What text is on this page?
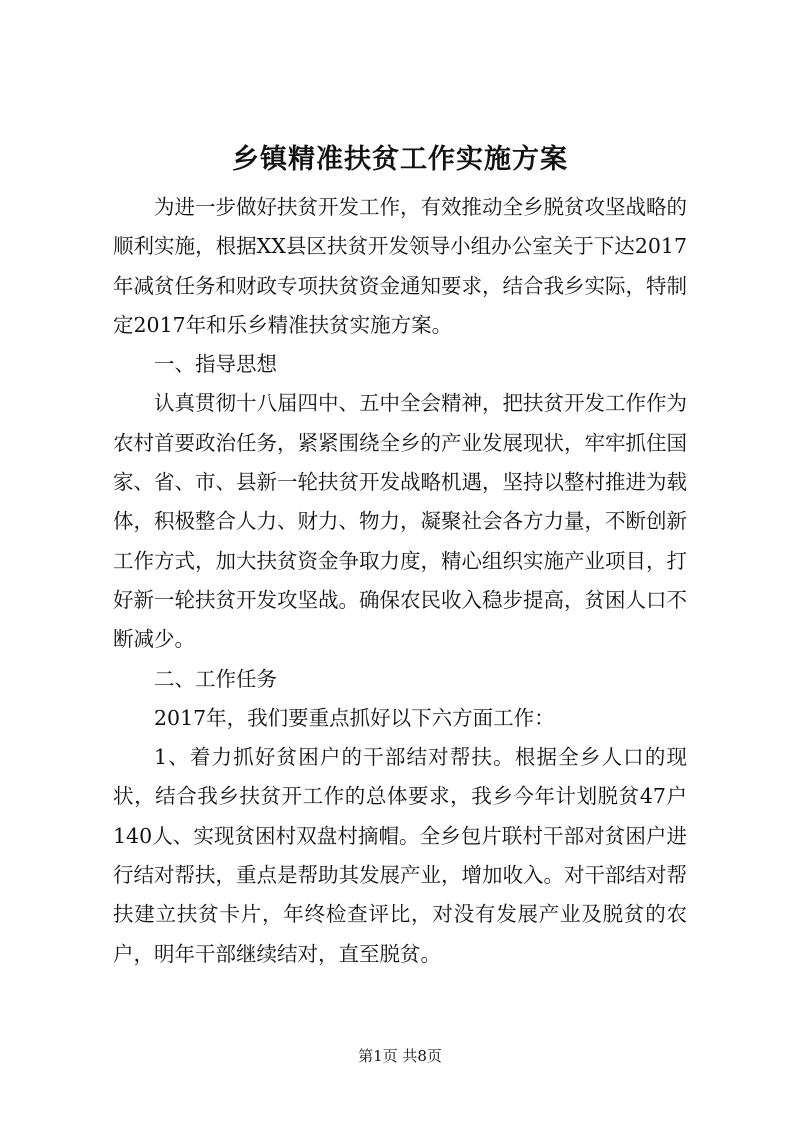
乡镇精准扶贫工作实施方案

为进一步做好扶贫开发工作，有效推动全乡脱贫攻坚战略的顺利实施，根据XX县区扶贫开发领导小组办公室关于下达2017年减贫任务和财政专项扶贫资金通知要求，结合我乡实际，特制定2017年和乐乡精准扶贫实施方案。

一、指导思想

认真贯彻十八届四中、五中全会精神，把扶贫开发工作作为农村首要政治任务，紧紧围绕全乡的产业发展现状，牢牢抓住国家、省、市、县新一轮扶贫开发战略机遇，坚持以整村推进为载体，积极整合人力、财力、物力，凝聚社会各方力量，不断创新工作方式，加大扶贫资金争取力度，精心组织实施产业项目，打好新一轮扶贫开发攻坚战。确保农民收入稳步提高，贫困人口不断减少。

二、工作任务

2017年，我们要重点抓好以下六方面工作：

1、着力抓好贫困户的干部结对帮扶。根据全乡人口的现状，结合我乡扶贫开工作的总体要求，我乡今年计划脱贫47户140人、实现贫困村双盘村摘帽。全乡包片联村干部对贫困户进行结对帮扶，重点是帮助其发展产业，增加收入。对干部结对帮扶建立扶贫卡片，年终检查评比，对没有发展产业及脱贫的农户，明年干部继续结对，直至脱贫。

第1页 共8页
